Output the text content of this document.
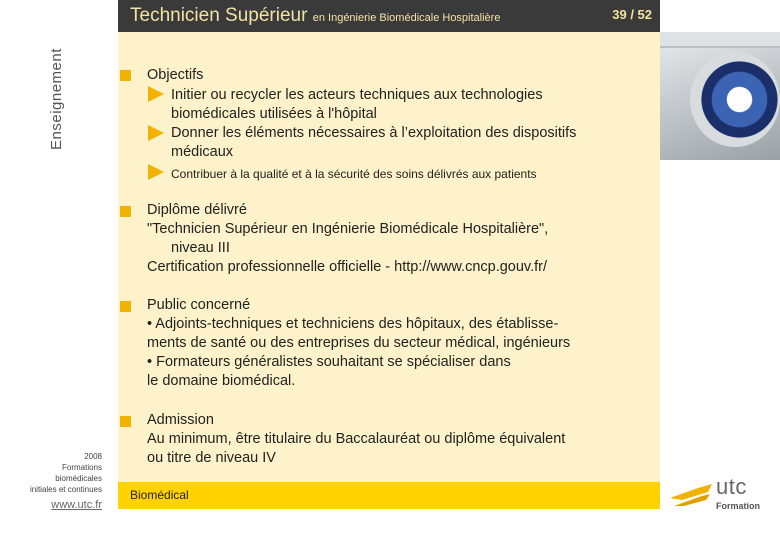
Enseignement
Technicien Supérieur en Ingénierie Biomédicale Hospitalière	39 / 52
Objectifs
Initier ou recycler les acteurs techniques aux technologies
biomédicales utilisées à l'hôpital
Donner les éléments nécessaires à l’exploitation des dispositifs
médicaux
Contribuer à la qualité et à la sécurité des soins délivrés aux patients
Diplôme délivré
"Technicien Supérieur en Ingénierie Biomédicale Hospitalière",
niveau III
Certification professionnelle officielle - http://www.cncp.gouv.fr/
Public concerné
• Adjoints-techniques et techniciens des hôpitaux, des établisse-
ments de santé ou des entreprises du secteur médical, ingénieurs
• Formateurs généralistes souhaitant se spécialiser dans
le domaine biomédical.
Admission
Au minimum, être titulaire du Baccalauréat ou diplôme équivalent
ou titre de niveau IV
Biomédical
2008
Formations
biomédicales
initiales et continues
www.utc.fr
utc
Formation
